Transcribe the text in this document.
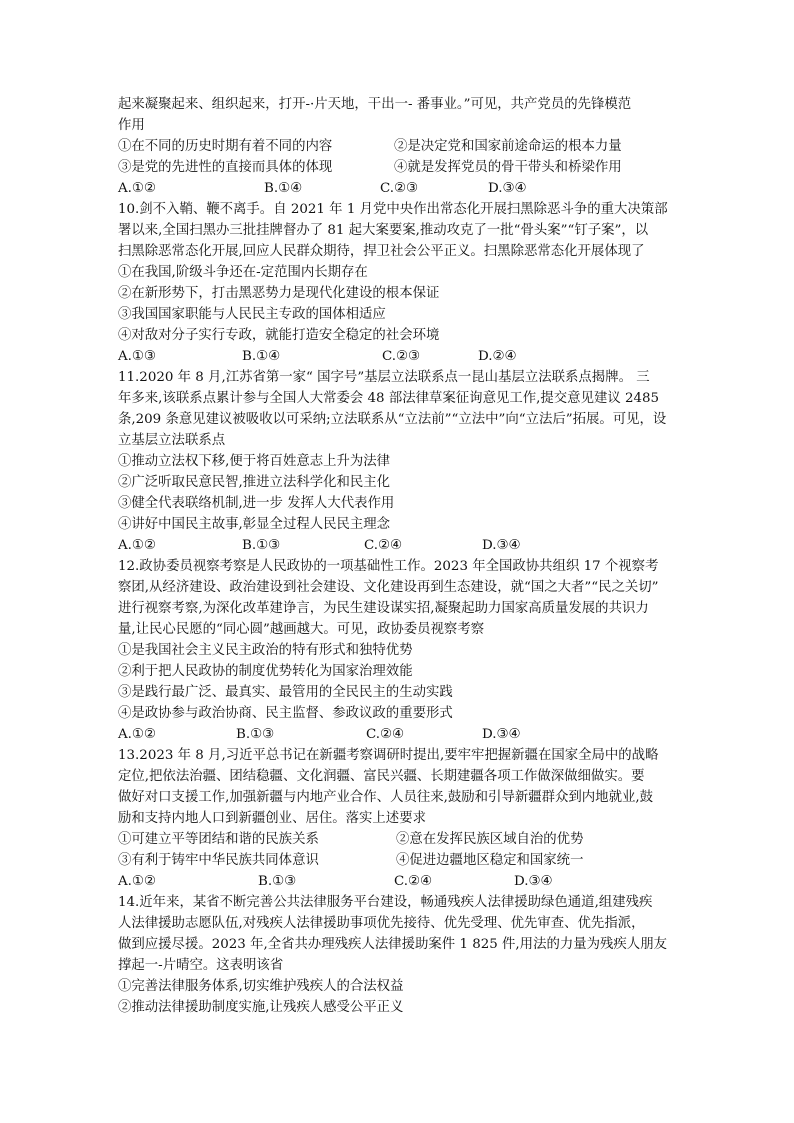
起来凝聚起来、组织起来，打开-·片天地，干出一- 番事业。”可见，共产党员的先锋模范
作用
①在不同的历史时期有着不同的内容	②是决定党和国家前途命运的根本力量
③是党的先进性的直接而具体的体现	④就是发挥党员的骨干带头和桥梁作用
A.①②	B.①④	C.②③	D.③④
10.剑不入鞘、鞭不离手。自 2021 年 1 月党中央作出常态化开展扫黑除恶斗争的重大决策部
署以来,全国扫黑办三批挂牌督办了 81 起大案要案,推动攻克了一批“骨头案”“钉子案”，以
扫黑除恶常态化开展,回应人民群众期待，捍卫社会公平正义。扫黑除恶常态化开展体现了
①在我国,阶级斗争还在-定范围内长期存在
②在新形势下，打击黑恶势力是现代化建设的根本保证
③我国国家职能与人民民主专政的国体相适应
④对敌对分子实行专政，就能打造安全稳定的社会环境
A.①③	B.①④	C.②③	D.②④
11.2020 年 8 月,江苏省第一家“ 国字号”基层立法联系点一昆山基层立法联系点揭牌。 三
年多来,该联系点累计参与全国人大常委会 48 部法律草案征询意见工作,提交意见建议 2485
条,209 条意见建议被吸收以可采纳;立法联系从“立法前”“立法中”向“立法后”拓展。可见，设
立基层立法联系点
①推动立法权下移,便于将百姓意志上升为法律
②广泛听取民意民智,推进立法科学化和民主化
③健全代表联络机制,进一步 发挥人大代表作用
④讲好中国民主故事,彰显全过程人民民主理念
A.①②	B.①③	C.②④	D.③④
12.政协委员视察考察是人民政协的一项基础性工作。2023 年全国政协共组织 17 个视察考
察团,从经济建设、政治建设到社会建设、文化建设再到生态建设，就“国之大者”“民之关切”
进行视察考察,为深化改革建诤言，为民生建设谋实招,凝聚起助力国家高质量发展的共识力
量,让民心民愿的“同心圆”越画越大。可见，政协委员视察考察
①是我国社会主义民主政治的特有形式和独特优势
②利于把人民政协的制度优势转化为国家治理效能
③是践行最广泛、最真实、最管用的全民民主的生动实践
④是政协参与政治协商、民主监督、参政议政的重要形式
A.①②	B.①③	C.②④	D.③④
13.2023 年 8 月,习近平总书记在新疆考察调研时提出,要牢牢把握新疆在国家全局中的战略
定位,把依法治疆、团结稳疆、文化润疆、富民兴疆、长期建疆各项工作做深做细做实。要
做好对口支援工作,加强新疆与内地产业合作、人员往来,鼓励和引导新疆群众到内地就业,鼓
励和支持内地人口到新疆创业、居住。落实上述要求
①可建立平等团结和谐的民族关系	②意在发挥民族区域自治的优势
③有利于铸牢中华民族共同体意识	④促进边疆地区稳定和国家统一
A.①②	B.①③	C.②④	D.③④
14.近年来，某省不断完善公共法律服务平台建设，畅通残疾人法律援助绿色通道,组建残疾
人法律援助志愿队伍,对残疾人法律援助事项优先接待、优先受理、优先审查、优先指派，
做到应援尽援。2023 年,全省共办理残疾人法律援助案件 1 825 件,用法的力量为残疾人朋友
撑起一-片晴空。这表明该省
①完善法律服务体系,切实维护残疾人的合法权益
②推动法律援助制度实施,让残疾人感受公平正义
